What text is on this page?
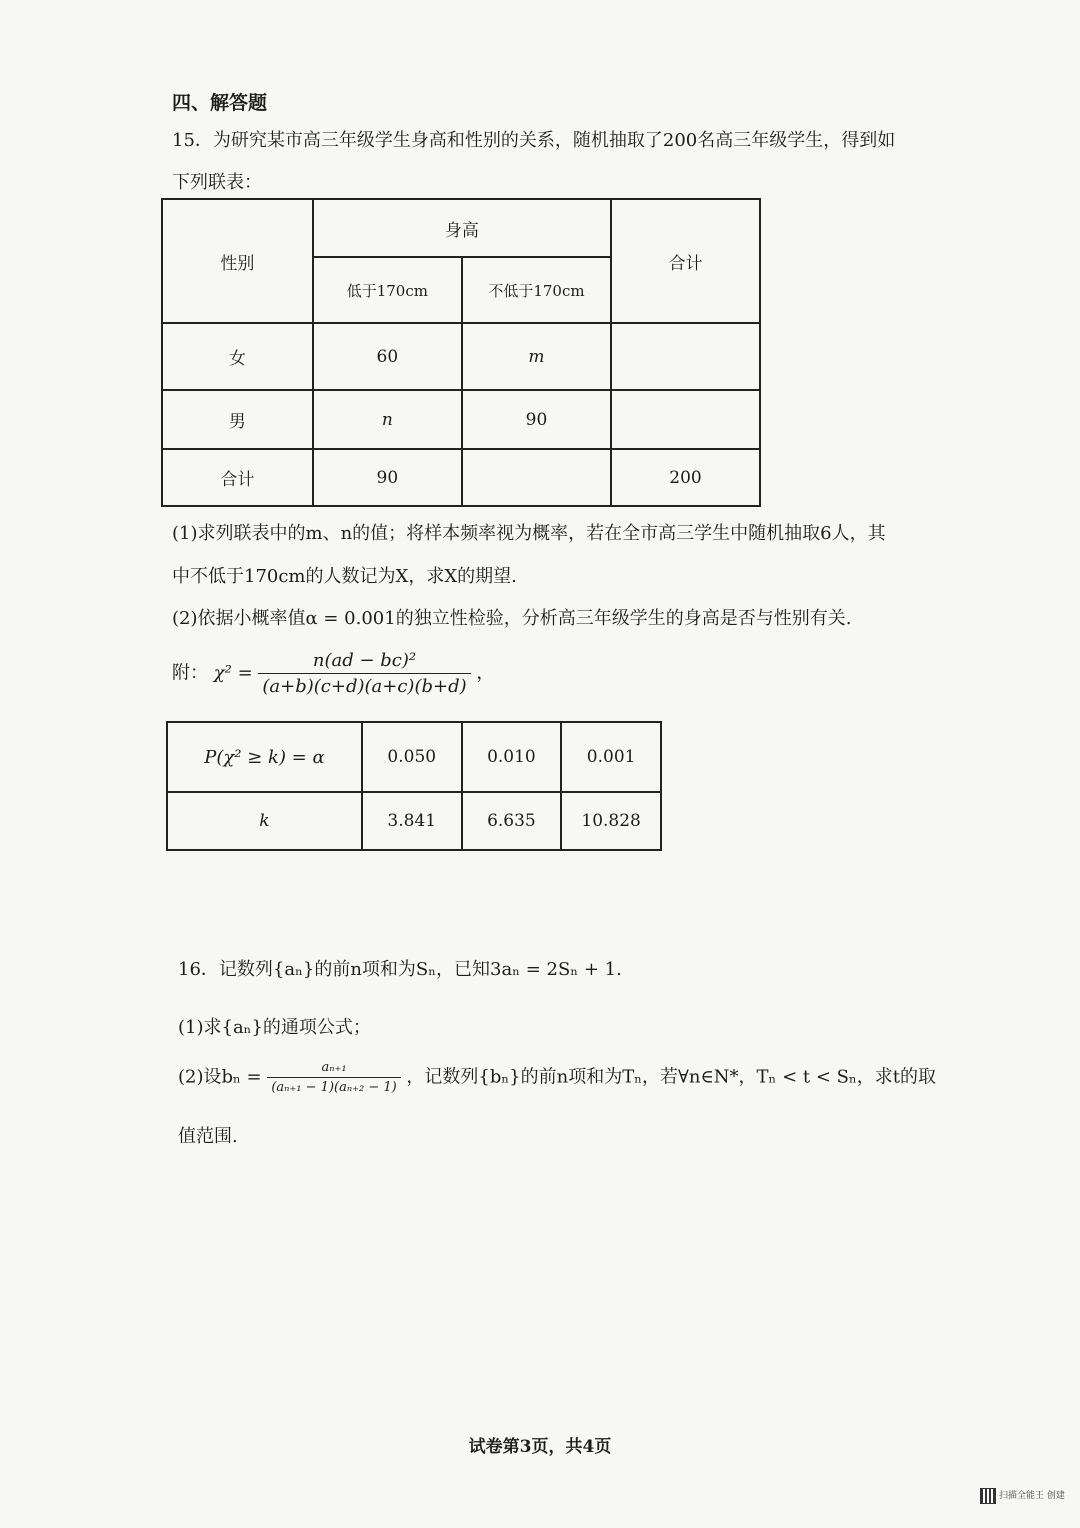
四、解答题
15．为研究某市高三年级学生身高和性别的关系，随机抽取了200名高三年级学生，得到如
下列联表：
性别	身高		合计
	低于170cm	不低于170cm	
女	60	m	
男	n	90	
合计	90		200
(1)求列联表中的m、n的值；将样本频率视为概率，若在全市高三学生中随机抽取6人，其
中不低于170cm的人数记为X，求X的期望.
(2)依据小概率值α = 0.001的独立性检验，分析高三年级学生的身高是否与性别有关.
附： $\chi^2 = \frac{\text{n(ad − bc)²}}{(a+b)(c+d)(a+c)(b+d)}$ ，
P(χ² ≥ k) = α	0.050	0.010	0.001
k	3.841	6.635	10.828
16．记数列{aₙ}的前n项和为Sₙ，已知3aₙ = 2Sₙ + 1.
(1)求{aₙ}的通项公式；
(2)设$b_n = \frac{\text{aₙ₊₁}}{\text{(aₙ₊₁ − 1)(aₙ₊₂ − 1)}}$ ，记数列{bₙ}的前n项和为Tₙ，若∀n∈N*，Tₙ < t < Sₙ，求t的取
值范围.
试卷第3页，共4页
扫描全能王 创建
